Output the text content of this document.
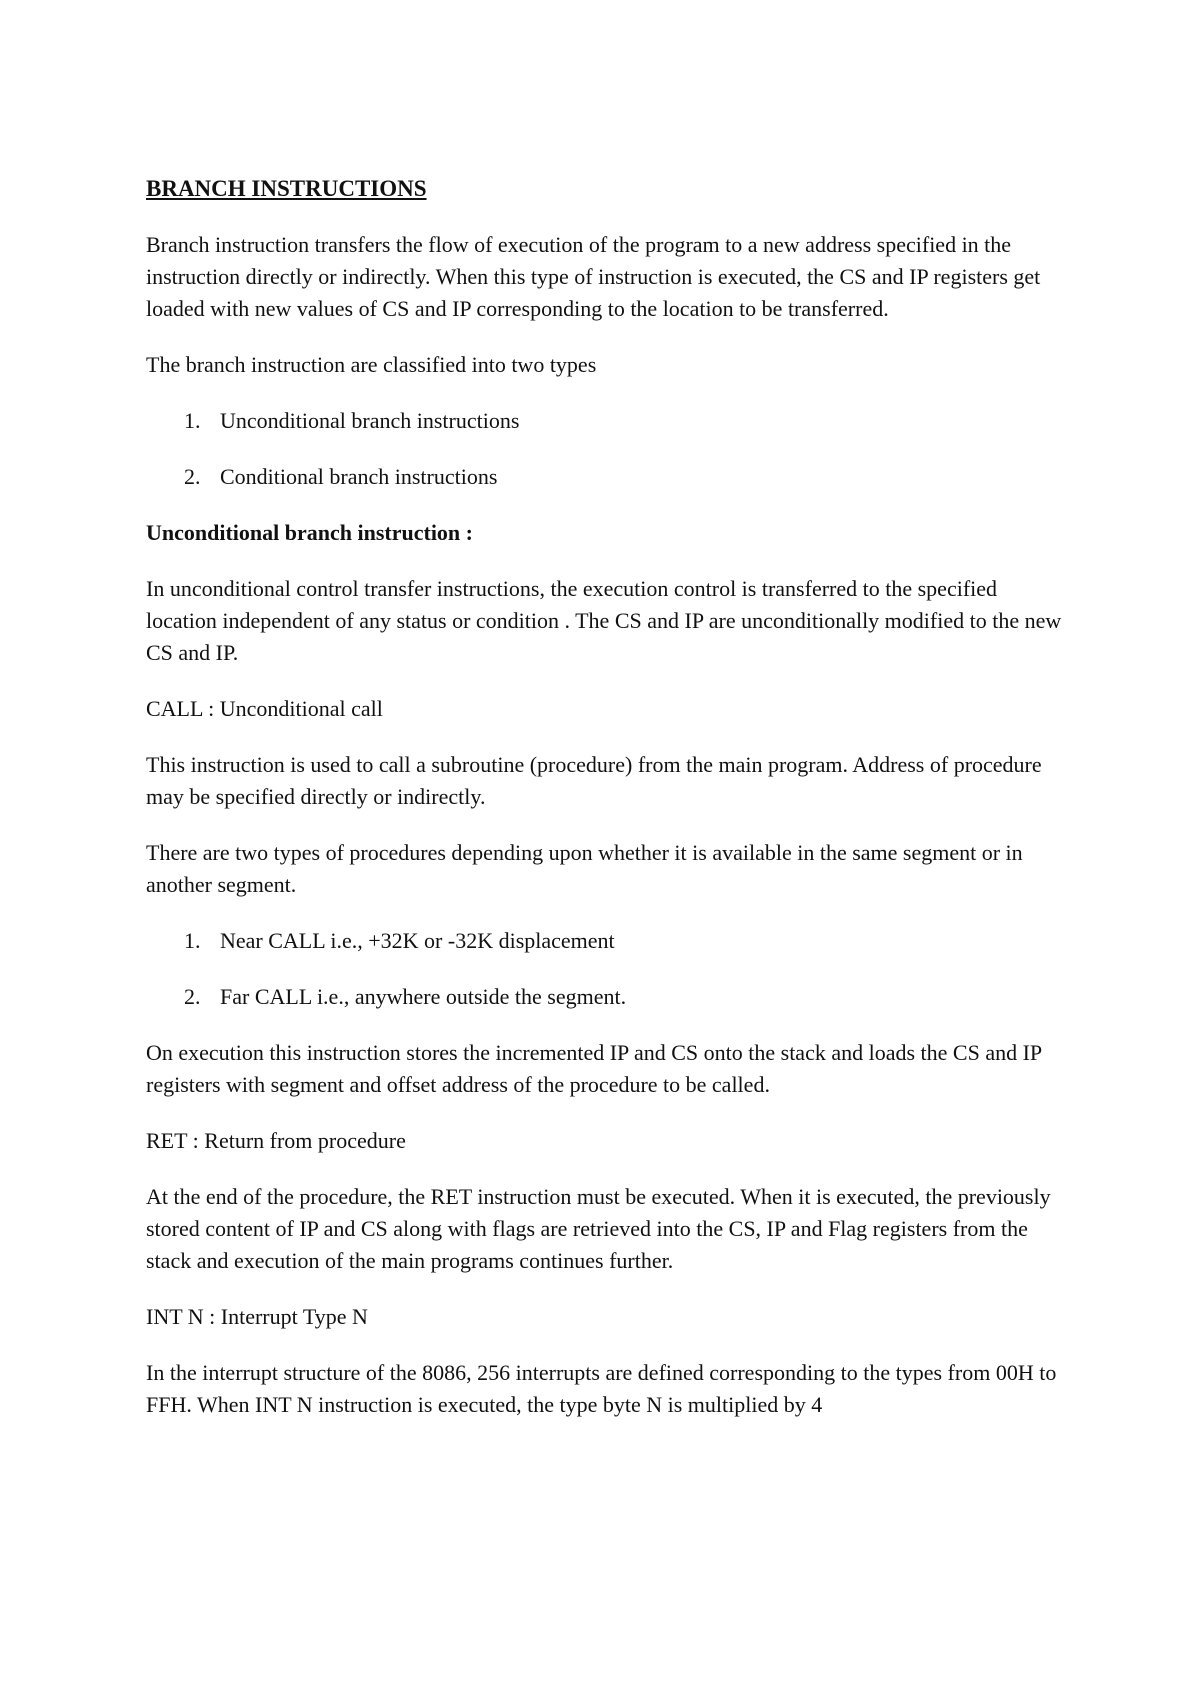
BRANCH INSTRUCTIONS

Branch instruction transfers the flow of execution of the program to a new address specified in the instruction directly or indirectly. When this type of instruction is executed, the CS and IP registers get loaded with new values of CS and IP corresponding to the location to be transferred.

The branch instruction are classified into two types

1. Unconditional branch instructions
2. Conditional branch instructions

Unconditional branch instruction :

In unconditional control transfer instructions, the execution control is transferred to the specified location independent of any status or condition . The CS and IP are unconditionally modified to the new CS and IP.

CALL : Unconditional call

This instruction is used to call a subroutine (procedure) from the main program. Address of procedure may be specified directly or indirectly.

There are two types of procedures depending upon whether it is available in the same segment or in another segment.

1. Near CALL i.e., +32K or -32K displacement
2. Far CALL i.e., anywhere outside the segment.

On execution this instruction stores the incremented IP and CS onto the stack and loads the CS and IP registers with segment and offset address of the procedure to be called.

RET : Return from procedure

At the end of the procedure, the RET instruction must be executed. When it is executed, the previously stored content of IP and CS along with flags are retrieved into the CS, IP and Flag registers from the stack and execution of the main programs continues further.

INT N : Interrupt Type N

In the interrupt structure of the 8086, 256 interrupts are defined corresponding to the types from 00H to FFH. When INT N instruction is executed, the type byte N is multiplied by 4
